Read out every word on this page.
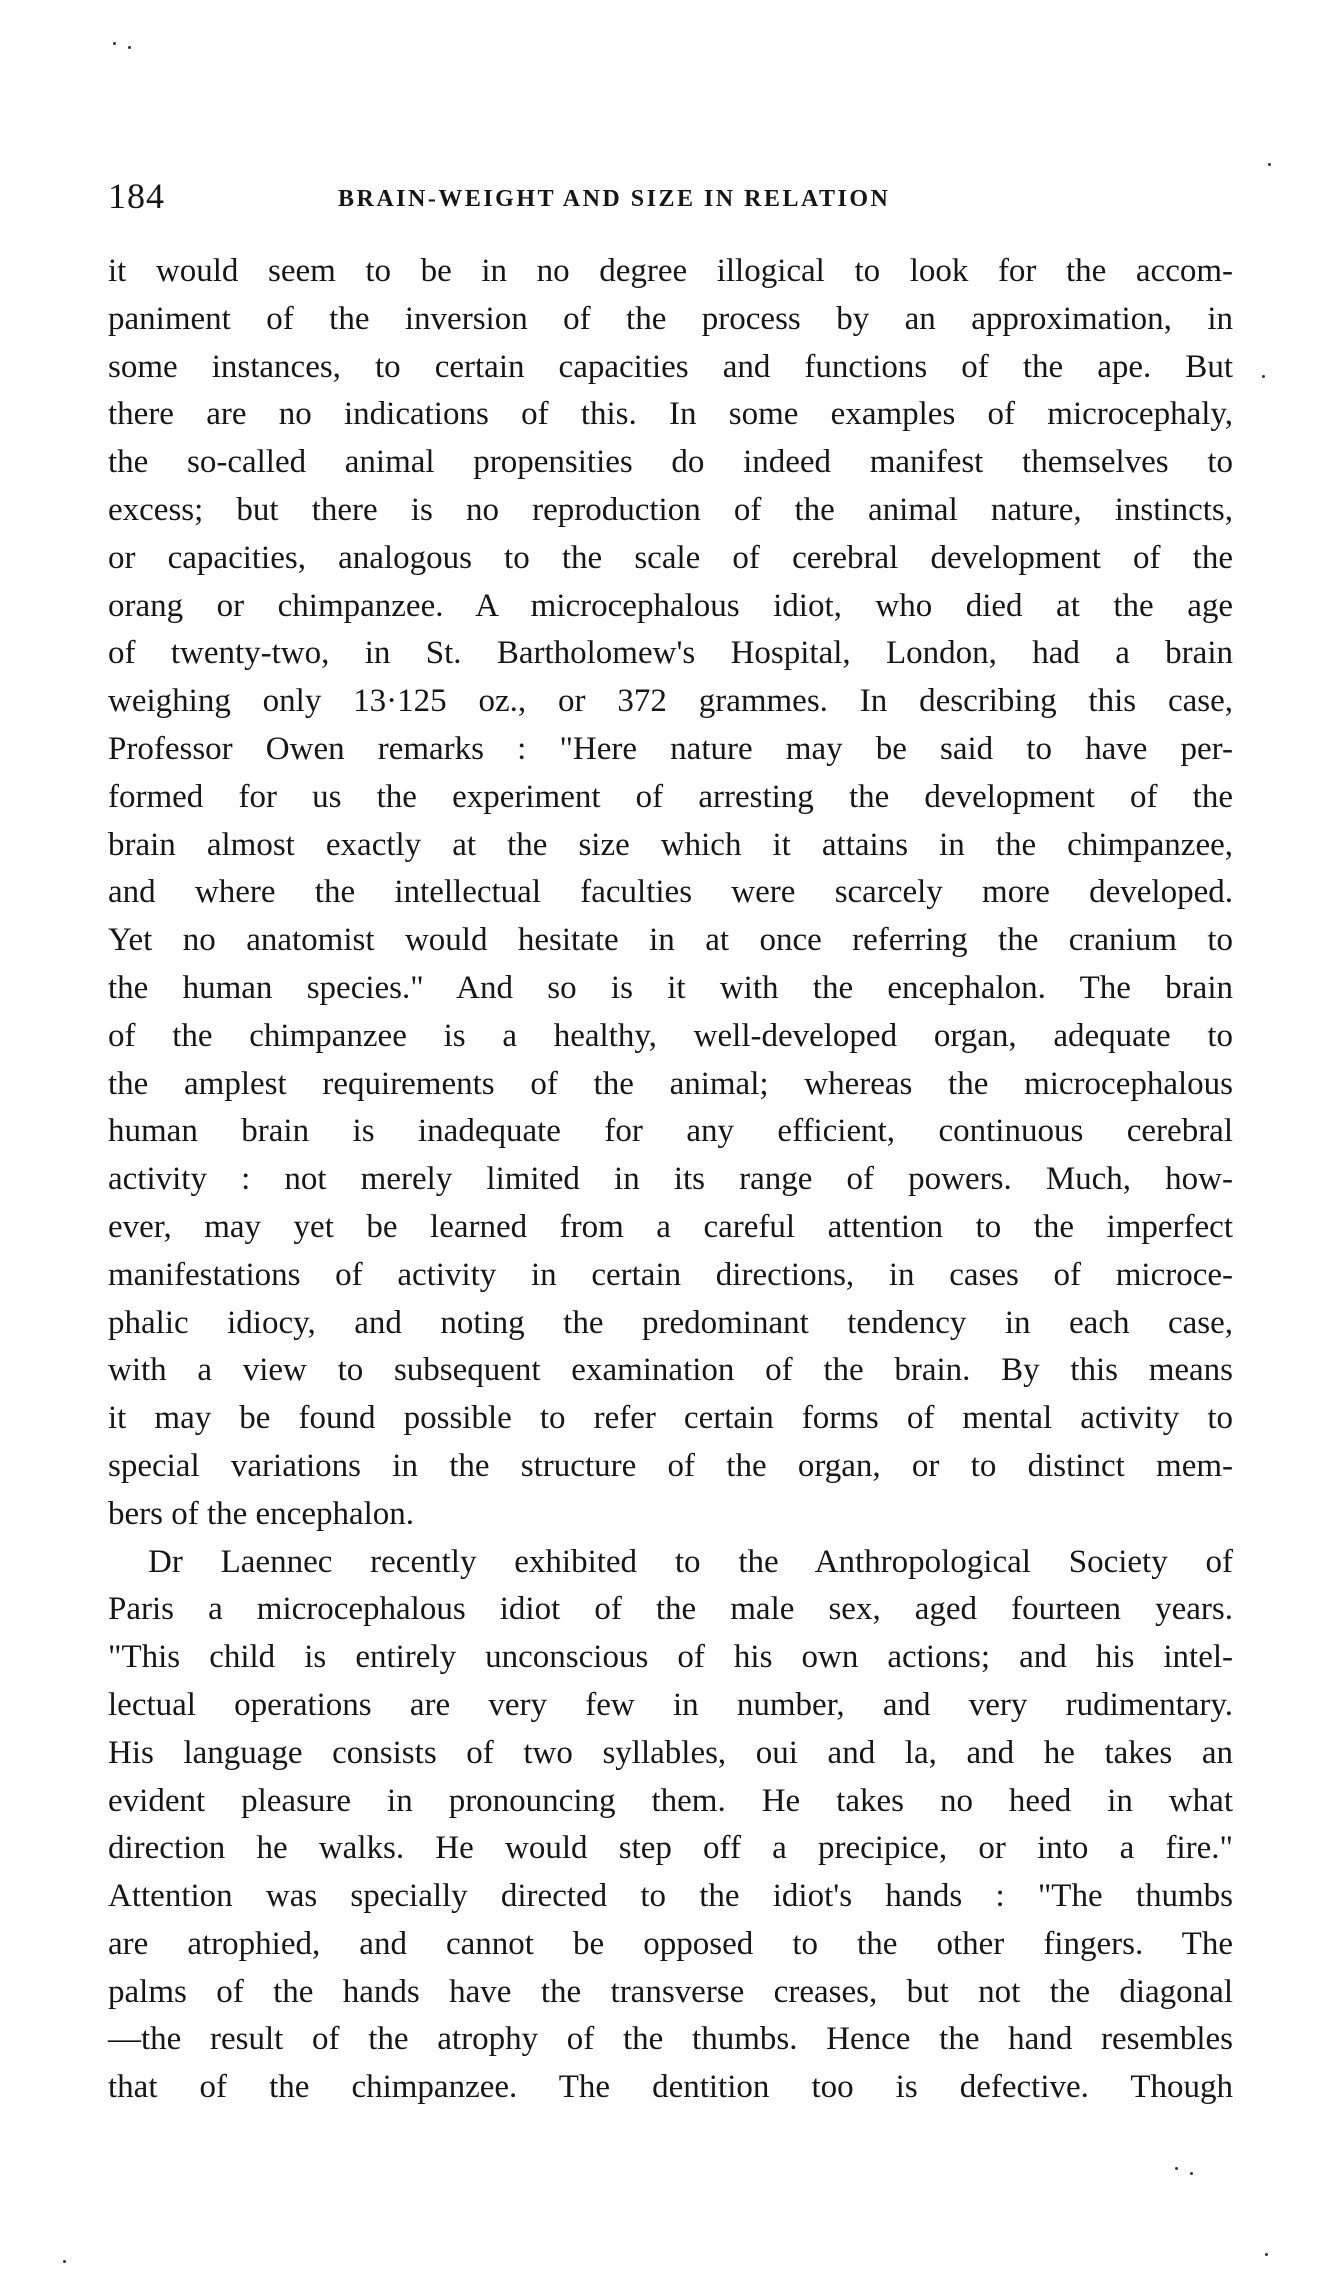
184	BRAIN-WEIGHT AND SIZE IN RELATION
it would seem to be in no degree illogical to look for the accom-
paniment of the inversion of the process by an approximation, in
some instances, to certain capacities and functions of the ape. But
there are no indications of this. In some examples of microcephaly,
the so-called animal propensities do indeed manifest themselves to
excess; but there is no reproduction of the animal nature, instincts,
or capacities, analogous to the scale of cerebral development of the
orang or chimpanzee. A microcephalous idiot, who died at the age
of twenty-two, in St. Bartholomew's Hospital, London, had a brain
weighing only 13·125 oz., or 372 grammes. In describing this case,
Professor Owen remarks : "Here nature may be said to have per-
formed for us the experiment of arresting the development of the
brain almost exactly at the size which it attains in the chimpanzee,
and where the intellectual faculties were scarcely more developed.
Yet no anatomist would hesitate in at once referring the cranium to
the human species." And so is it with the encephalon. The brain
of the chimpanzee is a healthy, well-developed organ, adequate to
the amplest requirements of the animal; whereas the microcephalous
human brain is inadequate for any efficient, continuous cerebral
activity : not merely limited in its range of powers. Much, how-
ever, may yet be learned from a careful attention to the imperfect
manifestations of activity in certain directions, in cases of microce-
phalic idiocy, and noting the predominant tendency in each case,
with a view to subsequent examination of the brain. By this means
it may be found possible to refer certain forms of mental activity to
special variations in the structure of the organ, or to distinct mem-
bers of the encephalon.
Dr Laennec recently exhibited to the Anthropological Society of
Paris a microcephalous idiot of the male sex, aged fourteen years.
"This child is entirely unconscious of his own actions; and his intel-
lectual operations are very few in number, and very rudimentary.
His language consists of two syllables, oui and la, and he takes an
evident pleasure in pronouncing them. He takes no heed in what
direction he walks. He would step off a precipice, or into a fire."
Attention was specially directed to the idiot's hands : "The thumbs
are atrophied, and cannot be opposed to the other fingers. The
palms of the hands have the transverse creases, but not the diagonal
—the result of the atrophy of the thumbs. Hence the hand resembles
that of the chimpanzee. The dentition too is defective. Though
